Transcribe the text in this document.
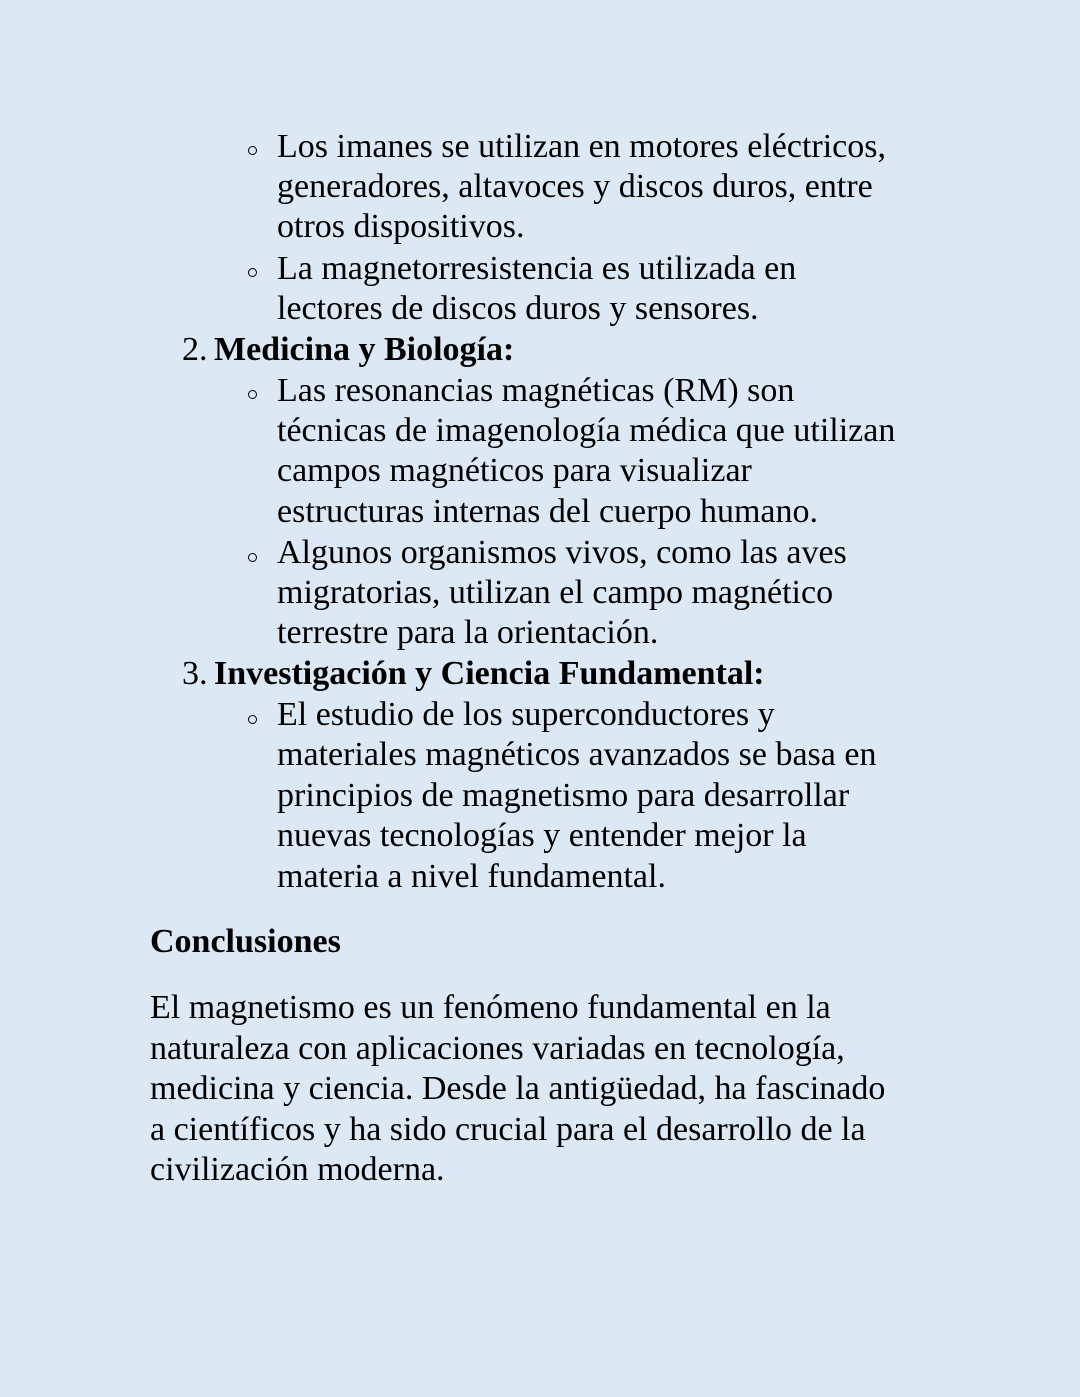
Los imanes se utilizan en motores eléctricos,
generadores, altavoces y discos duros, entre
otros dispositivos.
La magnetorresistencia es utilizada en
lectores de discos duros y sensores.
2. Medicina y Biología:
Las resonancias magnéticas (RM) son
técnicas de imagenología médica que utilizan
campos magnéticos para visualizar
estructuras internas del cuerpo humano.
Algunos organismos vivos, como las aves
migratorias, utilizan el campo magnético
terrestre para la orientación.
3. Investigación y Ciencia Fundamental:
El estudio de los superconductores y
materiales magnéticos avanzados se basa en
principios de magnetismo para desarrollar
nuevas tecnologías y entender mejor la
materia a nivel fundamental.
Conclusiones
El magnetismo es un fenómeno fundamental en la
naturaleza con aplicaciones variadas en tecnología,
medicina y ciencia. Desde la antigüedad, ha fascinado
a científicos y ha sido crucial para el desarrollo de la
civilización moderna.
